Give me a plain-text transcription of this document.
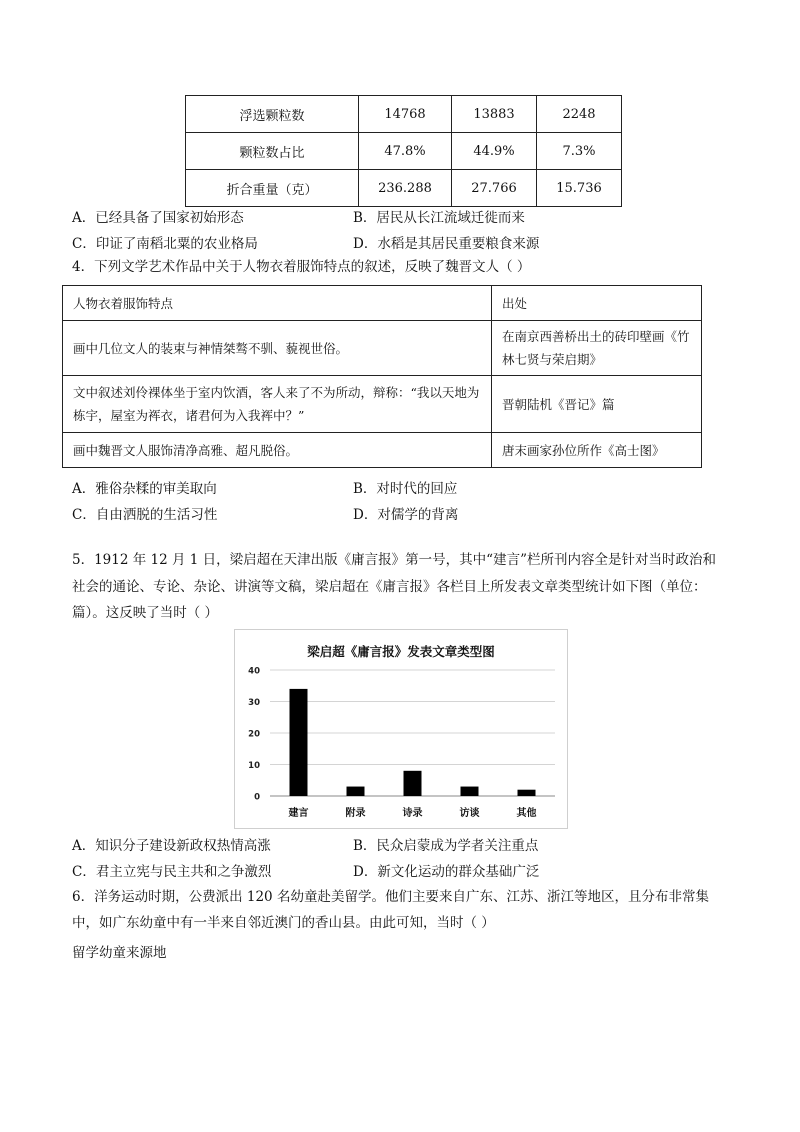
浮选颗粒数	14768	13883	2248
颗粒数占比	47.8%	44.9%	7.3%
折合重量（克）	236.288	27.766	15.736
A．已经具备了国家初始形态	B．居民从长江流域迁徙而来
C．印证了南稻北粟的农业格局	D．水稻是其居民重要粮食来源
4．下列文学艺术作品中关于人物衣着服饰特点的叙述，反映了魏晋文人（ ）
人物衣着服饰特点	出处
画中几位文人的装束与神情桀骜不驯、藐视世俗。	在南京西善桥出土的砖印壁画《竹林七贤与荣启期》
文中叙述刘伶裸体坐于室内饮酒，客人来了不为所动，辩称：“我以天地为栋宇，屋室为裈衣，诸君何为入我裈中？”	晋朝陆机《晋记》篇
画中魏晋文人服饰清净高雅、超凡脱俗。	唐末画家孙位所作《高士图》
A．雅俗杂糅的审美取向	B．对时代的回应
C．自由洒脱的生活习性	D．对儒学的背离
5．1912 年 12 月 1 日，梁启超在天津出版《庸言报》第一号，其中“建言”栏所刊内容全是针对当时政治和社会的通论、专论、杂论、讲演等文稿，梁启超在《庸言报》各栏目上所发表文章类型统计如下图（单位：篇）。这反映了当时（ ）
梁启超《庸言报》发表文章类型图
0
10
20
30
40
建言	附录	诗录	访谈	其他
A．知识分子建设新政权热情高涨	B．民众启蒙成为学者关注重点
C．君主立宪与民主共和之争激烈	D．新文化运动的群众基础广泛
6．洋务运动时期，公费派出 120 名幼童赴美留学。他们主要来自广东、江苏、浙江等地区，且分布非常集中，如广东幼童中有一半来自邻近澳门的香山县。由此可知，当时（ ）
留学幼童来源地
